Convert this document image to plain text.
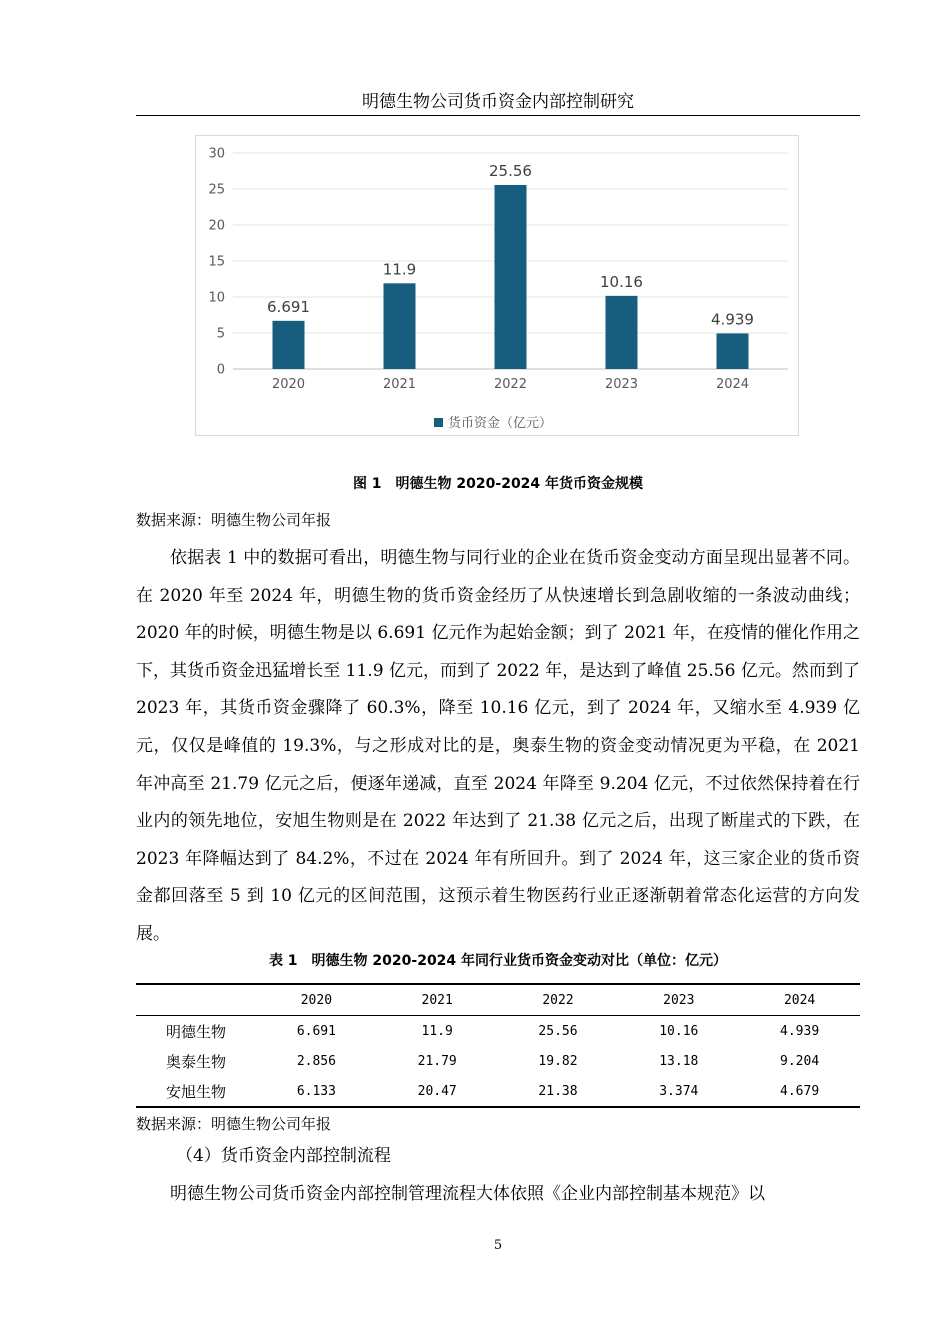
明德生物公司货币资金内部控制研究
0
5
10
15
20
25
30
6.691
2020
11.9
2021
25.56
2022
10.16
2023
4.939
2024
货币资金（亿元）
图 1　明德生物 2020-2024 年货币资金规模
数据来源：明德生物公司年报

依据表 1 中的数据可看出，明德生物与同行业的企业在货币资金变动方面呈现出显著不同。在 2020 年至 2024 年，明德生物的货币资金经历了从快速增长到急剧收缩的一条波动曲线；2020 年的时候，明德生物是以 6.691 亿元作为起始金额；到了 2021 年，在疫情的催化作用之下，其货币资金迅猛增长至 11.9 亿元，而到了 2022 年，是达到了峰值 25.56 亿元。然而到了 2023 年，其货币资金骤降了 60.3%，降至 10.16 亿元，到了 2024 年，又缩水至 4.939 亿元，仅仅是峰值的 19.3%，与之形成对比的是，奥泰生物的资金变动情况更为平稳，在 2021 年冲高至 21.79 亿元之后，便逐年递减，直至 2024 年降至 9.204 亿元，不过依然保持着在行业内的领先地位，安旭生物则是在 2022 年达到了 21.38 亿元之后，出现了断崖式的下跌，在 2023 年降幅达到了 84.2%，不过在 2024 年有所回升。到了 2024 年，这三家企业的货币资金都回落至 5 到 10 亿元的区间范围，这预示着生物医药行业正逐渐朝着常态化运营的方向发展。

表 1　明德生物 2020-2024 年同行业货币资金变动对比（单位：亿元）
	2020	2021	2022	2023	2024
明德生物	6.691	11.9	25.56	10.16	4.939
奥泰生物	2.856	21.79	19.82	13.18	9.204
安旭生物	6.133	20.47	21.38	3.374	4.679
数据来源：明德生物公司年报
（4）货币资金内部控制流程

明德生物公司货币资金内部控制管理流程大体依照《企业内部控制基本规范》以

5
